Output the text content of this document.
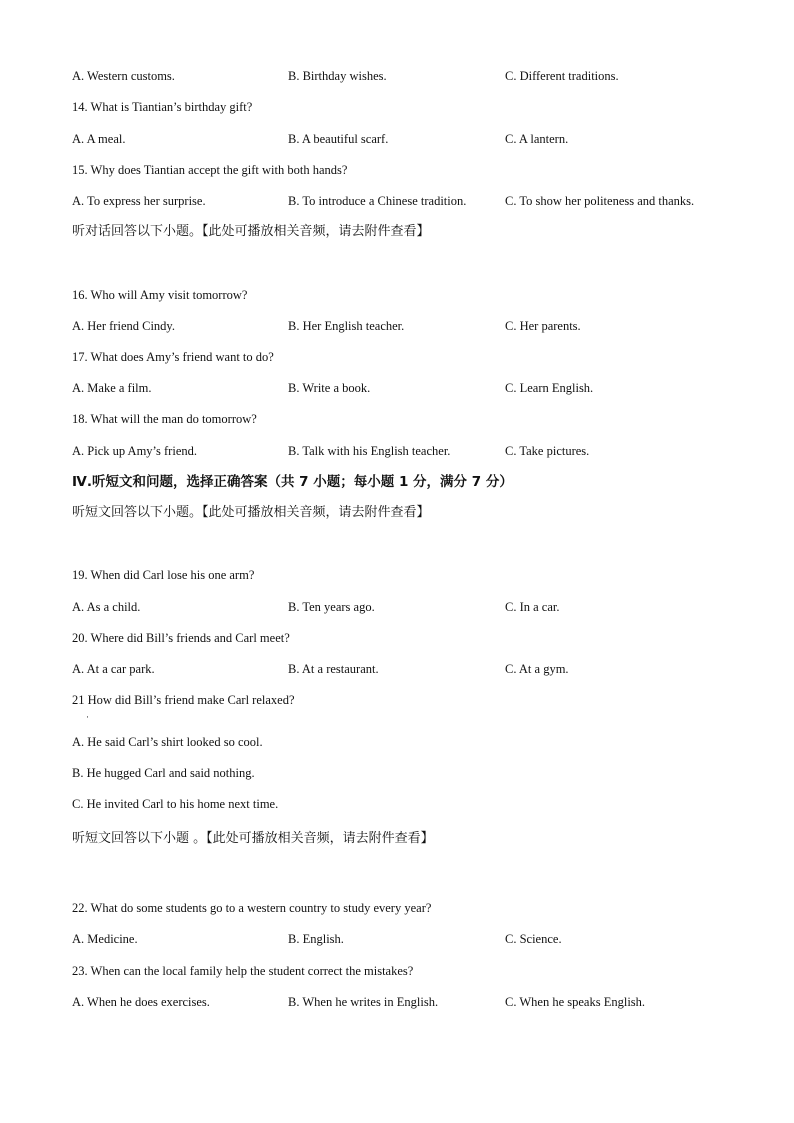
A. Western customs.	B. Birthday wishes.	C. Different traditions.
14. What is Tiantian’s birthday gift?
A. A meal.	B. A beautiful scarf.	C. A lantern.
15. Why does Tiantian accept the gift with both hands?
A. To express her surprise.	B. To introduce a Chinese tradition.	C. To show her politeness and thanks.
听对话回答以下小题。【此处可播放相关音频，请去附件查看】
16. Who will Amy visit tomorrow?
A. Her friend Cindy.	B. Her English teacher.	C. Her parents.
17. What does Amy’s friend want to do?
A. Make a film.	B. Write a book.	C. Learn English.
18. What will the man do tomorrow?
A. Pick up Amy’s friend.	B. Talk with his English teacher.	C. Take pictures.
Ⅳ.听短文和问题，选择正确答案（共 7 小题；每小题 1 分，满分 7 分）
听短文回答以下小题。【此处可播放相关音频，请去附件查看】
19. When did Carl lose his one arm?
A. As a child.	B. Ten years ago.	C. In a car.
20. Where did Bill’s friends and Carl meet?
A. At a car park.	B. At a restaurant.	C. At a gym.
21 How did Bill’s friend make Carl relaxed?
·
A. He said Carl’s shirt looked so cool.
B. He hugged Carl and said nothing.
C. He invited Carl to his home next time.
听短文回答以下小题 。【此处可播放相关音频，请去附件查看】
22. What do some students go to a western country to study every year?
A. Medicine.	B. English.	C. Science.
23. When can the local family help the student correct the mistakes?
A. When he does exercises.	B. When he writes in English.	C. When he speaks English.
